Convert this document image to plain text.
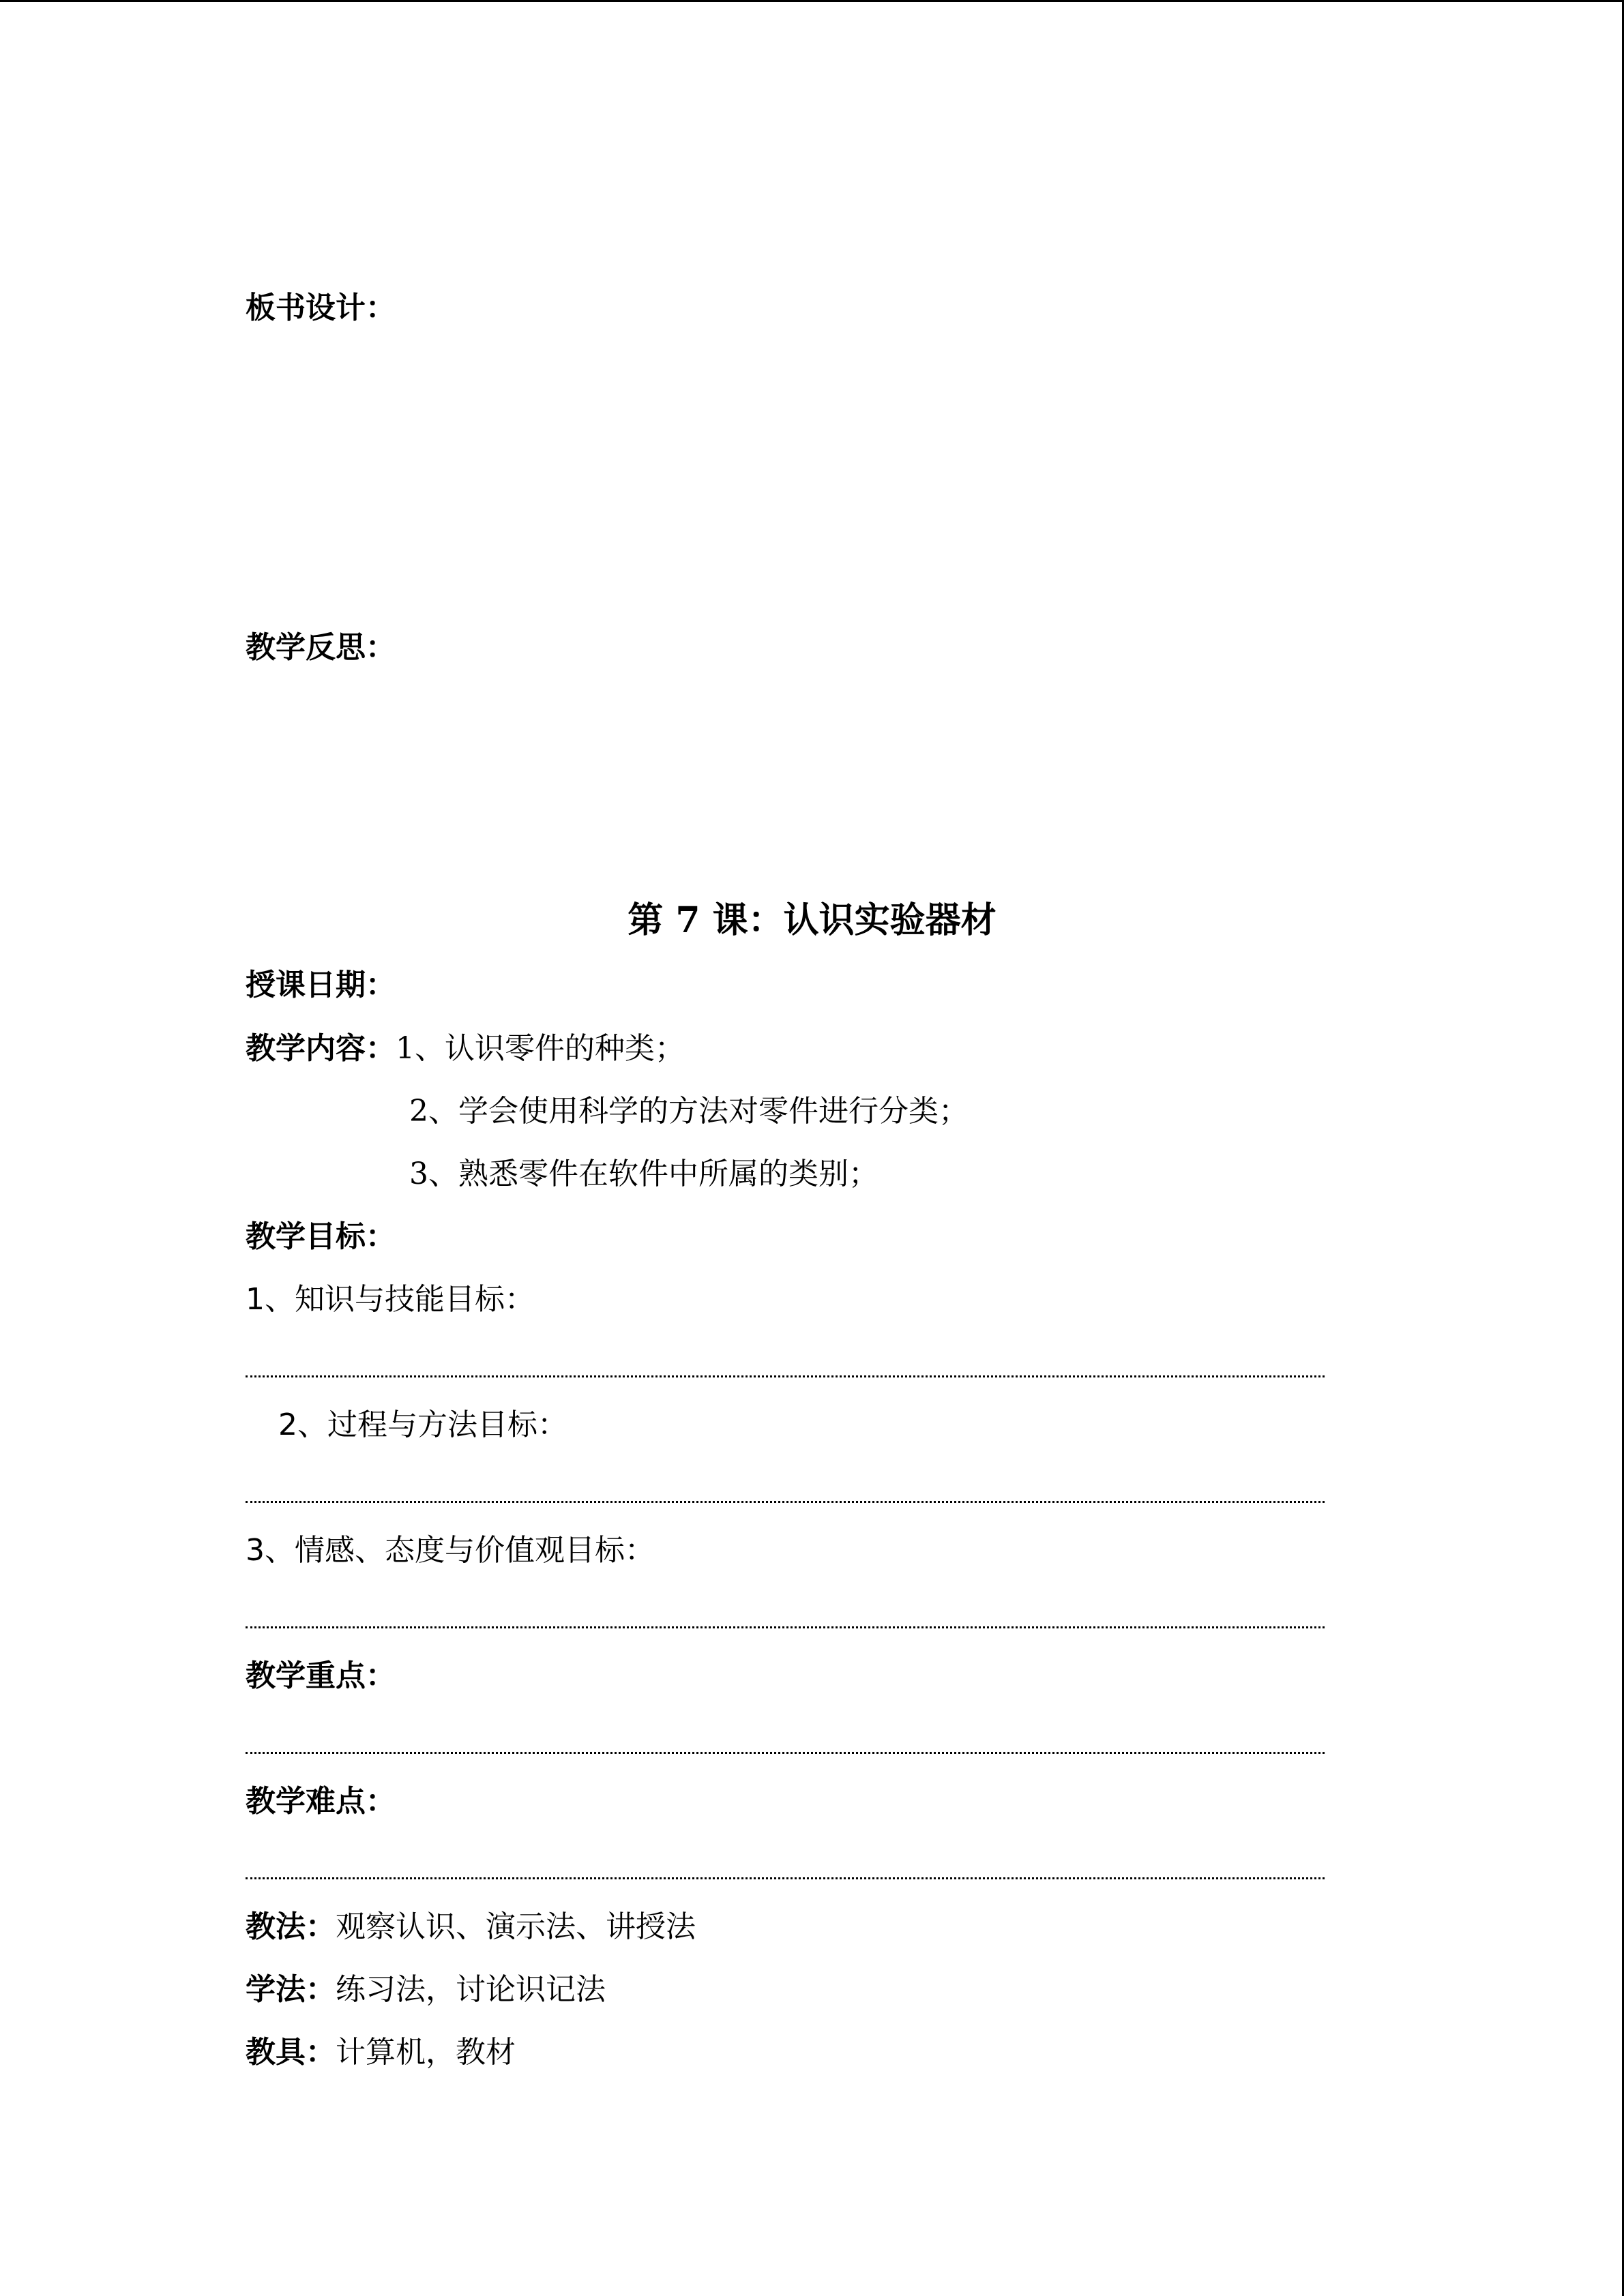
板书设计：
教学反思：
第 7 课：认识实验器材
授课日期：
教学内容：1、认识零件的种类；
2、学会使用科学的方法对零件进行分类；
3、熟悉零件在软件中所属的类别；
教学目标：
1、知识与技能目标：
2、过程与方法目标：
3、情感、态度与价值观目标：
教学重点：
教学难点：
教法：观察认识、演示法、讲授法
学法：练习法，讨论识记法
教具：计算机，教材
